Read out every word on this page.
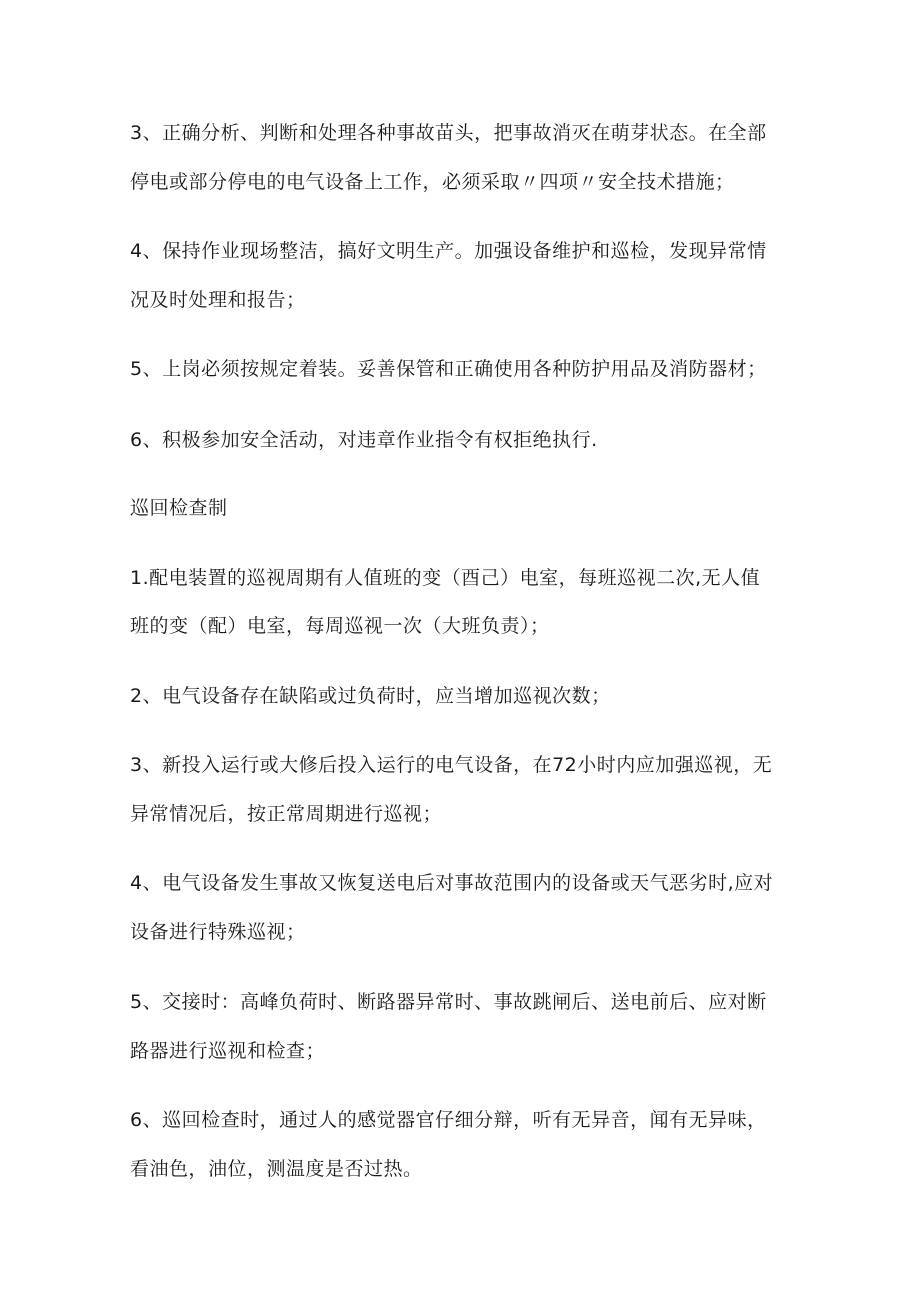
3、正确分析、判断和处理各种事故苗头，把事故消灭在萌芽状态。在全部
停电或部分停电的电气设备上工作，必须采取〃四项〃安全技术措施；
4、保持作业现场整洁，搞好文明生产。加强设备维护和巡检，发现异常情
况及时处理和报告；
5、上岗必须按规定着装。妥善保管和正确使用各种防护用品及消防器材；
6、积极参加安全活动，对违章作业指令有权拒绝执行.
巡回检查制
1.配电装置的巡视周期有人值班的变（酉己）电室，每班巡视二次,无人值
班的变（配）电室，每周巡视一次（大班负责）；
2、电气设备存在缺陷或过负荷时，应当增加巡视次数；
3、新投入运行或大修后投入运行的电气设备，在72小时内应加强巡视，无
异常情况后，按正常周期进行巡视；
4、电气设备发生事故又恢复送电后对事故范围内的设备或天气恶劣时,应对
设备进行特殊巡视；
5、交接时：高峰负荷时、断路器异常时、事故跳闸后、送电前后、应对断
路器进行巡视和检查；
6、巡回检查时，通过人的感觉器官仔细分辩，听有无异音，闻有无异味，
看油色，油位，测温度是否过热。
